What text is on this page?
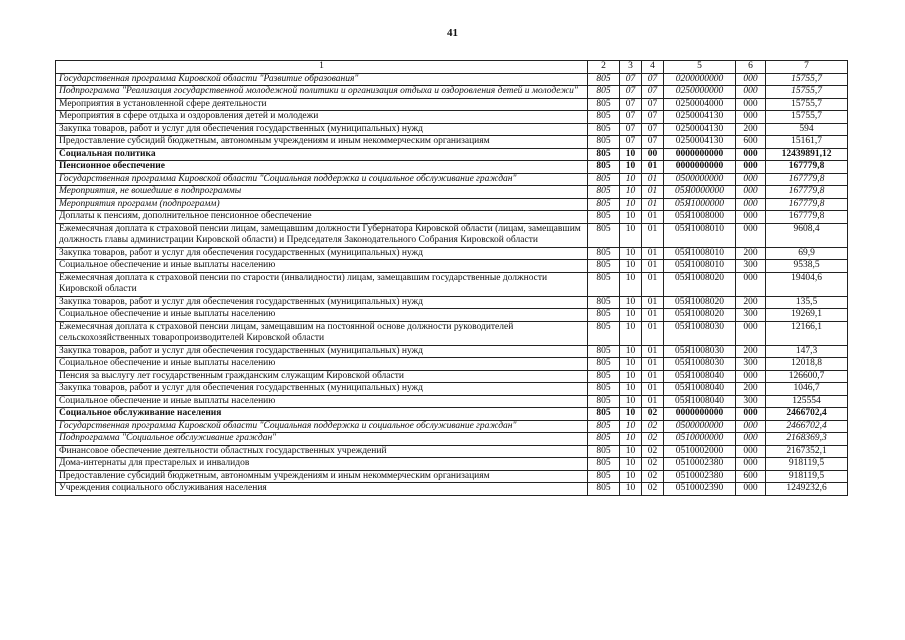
41
1	2	3	4	5	6	7
Государственная программа Кировской области "Развитие образования"	805	07	07	0200000000	000	15755,7
Подпрограмма "Реализация государственной молодежной политики и организация отдыха и оздоровления детей и молодежи"	805	07	07	0250000000	000	15755,7
Мероприятия в установленной сфере деятельности	805	07	07	0250004000	000	15755,7
Мероприятия в сфере отдыха и оздоровления детей и молодежи	805	07	07	0250004130	000	15755,7
Закупка товаров, работ и услуг для обеспечения государственных (муниципальных) нужд	805	07	07	0250004130	200	594
Предоставление субсидий бюджетным, автономным учреждениям и иным некоммерческим организациям	805	07	07	0250004130	600	15161,7
Социальная политика	805	10	00	0000000000	000	12439891,12
Пенсионное обеспечение	805	10	01	0000000000	000	167779,8
Государственная программа Кировской области "Социальная поддержка и социальное обслуживание граждан"	805	10	01	0500000000	000	167779,8
Мероприятия, не вошедшие в подпрограммы	805	10	01	05Я0000000	000	167779,8
Мероприятия программ (подпрограмм)	805	10	01	05Я1000000	000	167779,8
Доплаты к пенсиям, дополнительное пенсионное обеспечение	805	10	01	05Я1008000	000	167779,8
Ежемесячная доплата к страховой пенсии лицам, замещавшим должности Губернатора Кировской области (лицам, замещавшим должность главы администрации Кировской области) и Председателя Законодательного Собрания Кировской области	805	10	01	05Я1008010	000	9608,4
Закупка товаров, работ и услуг для обеспечения государственных (муниципальных) нужд	805	10	01	05Я1008010	200	69,9
Социальное обеспечение и иные выплаты населению	805	10	01	05Я1008010	300	9538,5
Ежемесячная доплата к страховой пенсии по старости (инвалидности) лицам, замещавшим государственные должности Кировской области	805	10	01	05Я1008020	000	19404,6
Закупка товаров, работ и услуг для обеспечения государственных (муниципальных) нужд	805	10	01	05Я1008020	200	135,5
Социальное обеспечение и иные выплаты населению	805	10	01	05Я1008020	300	19269,1
Ежемесячная доплата к страховой пенсии лицам, замещавшим на постоянной основе должности руководителей сельскохозяйственных товаропроизводителей Кировской области	805	10	01	05Я1008030	000	12166,1
Закупка товаров, работ и услуг для обеспечения государственных (муниципальных) нужд	805	10	01	05Я1008030	200	147,3
Социальное обеспечение и иные выплаты населению	805	10	01	05Я1008030	300	12018,8
Пенсия за выслугу лет государственным гражданским служащим Кировской области	805	10	01	05Я1008040	000	126600,7
Закупка товаров, работ и услуг для обеспечения государственных (муниципальных) нужд	805	10	01	05Я1008040	200	1046,7
Социальное обеспечение и иные выплаты населению	805	10	01	05Я1008040	300	125554
Социальное обслуживание населения	805	10	02	0000000000	000	2466702,4
Государственная программа Кировской области "Социальная поддержка и социальное обслуживание граждан"	805	10	02	0500000000	000	2466702,4
Подпрограмма "Социальное обслуживание граждан"	805	10	02	0510000000	000	2168369,3
Финансовое обеспечение деятельности областных государственных учреждений	805	10	02	0510002000	000	2167352,1
Дома-интернаты для престарелых и инвалидов	805	10	02	0510002380	000	918119,5
Предоставление субсидий бюджетным, автономным учреждениям и иным некоммерческим организациям	805	10	02	0510002380	600	918119,5
Учреждения социального обслуживания населения	805	10	02	0510002390	000	1249232,6
